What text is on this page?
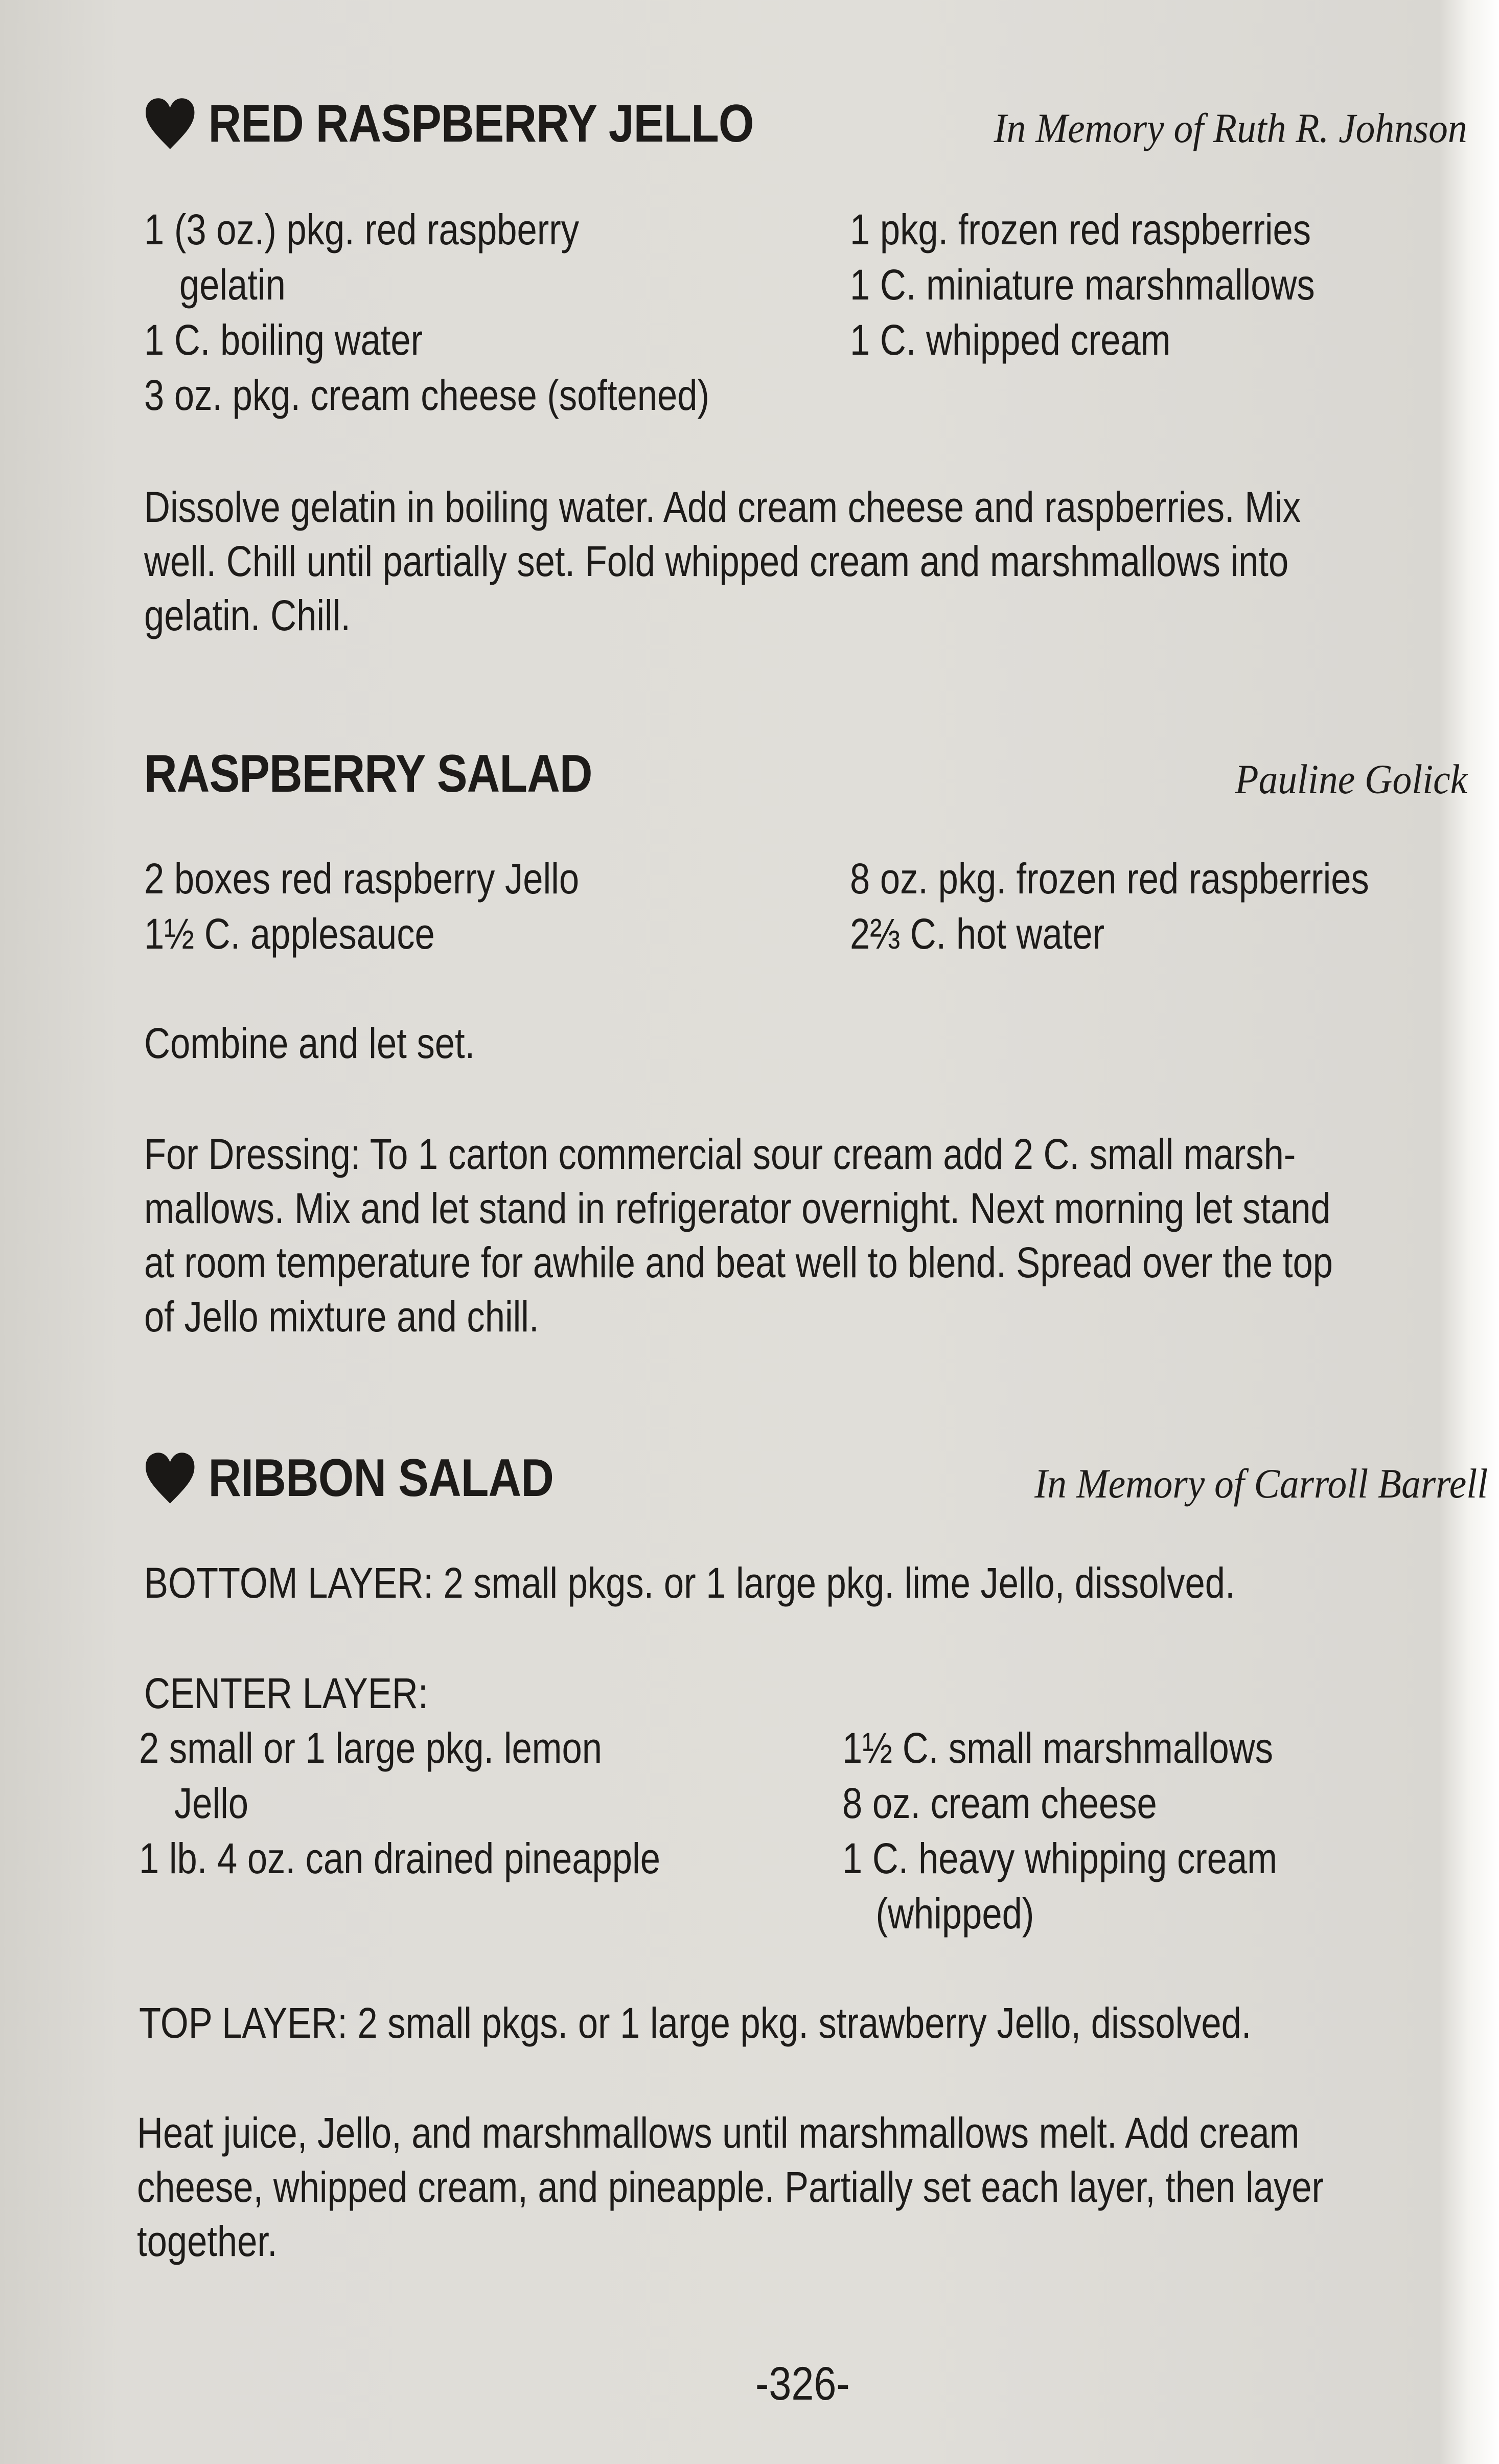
RED RASPBERRY JELLO	In Memory of Ruth R. Johnson
1 (3 oz.) pkg. red raspberry
gelatin
1 C. boiling water
3 oz. pkg. cream cheese (softened)
1 pkg. frozen red raspberries
1 C. miniature marshmallows
1 C. whipped cream
Dissolve gelatin in boiling water. Add cream cheese and raspberries. Mix
well. Chill until partially set. Fold whipped cream and marshmallows into
gelatin. Chill.
RASPBERRY SALAD	Pauline Golick
2 boxes red raspberry Jello
1½ C. applesauce
8 oz. pkg. frozen red raspberries
2⅔ C. hot water
Combine and let set.
For Dressing: To 1 carton commercial sour cream add 2 C. small marsh-
mallows. Mix and let stand in refrigerator overnight. Next morning let stand
at room temperature for awhile and beat well to blend. Spread over the top
of Jello mixture and chill.
RIBBON SALAD	In Memory of Carroll Barrell
BOTTOM LAYER: 2 small pkgs. or 1 large pkg. lime Jello, dissolved.
CENTER LAYER:
2 small or 1 large pkg. lemon
Jello
1 lb. 4 oz. can drained pineapple
1½ C. small marshmallows
8 oz. cream cheese
1 C. heavy whipping cream
(whipped)
TOP LAYER: 2 small pkgs. or 1 large pkg. strawberry Jello, dissolved.
Heat juice, Jello, and marshmallows until marshmallows melt. Add cream
cheese, whipped cream, and pineapple. Partially set each layer, then layer
together.
-326-
